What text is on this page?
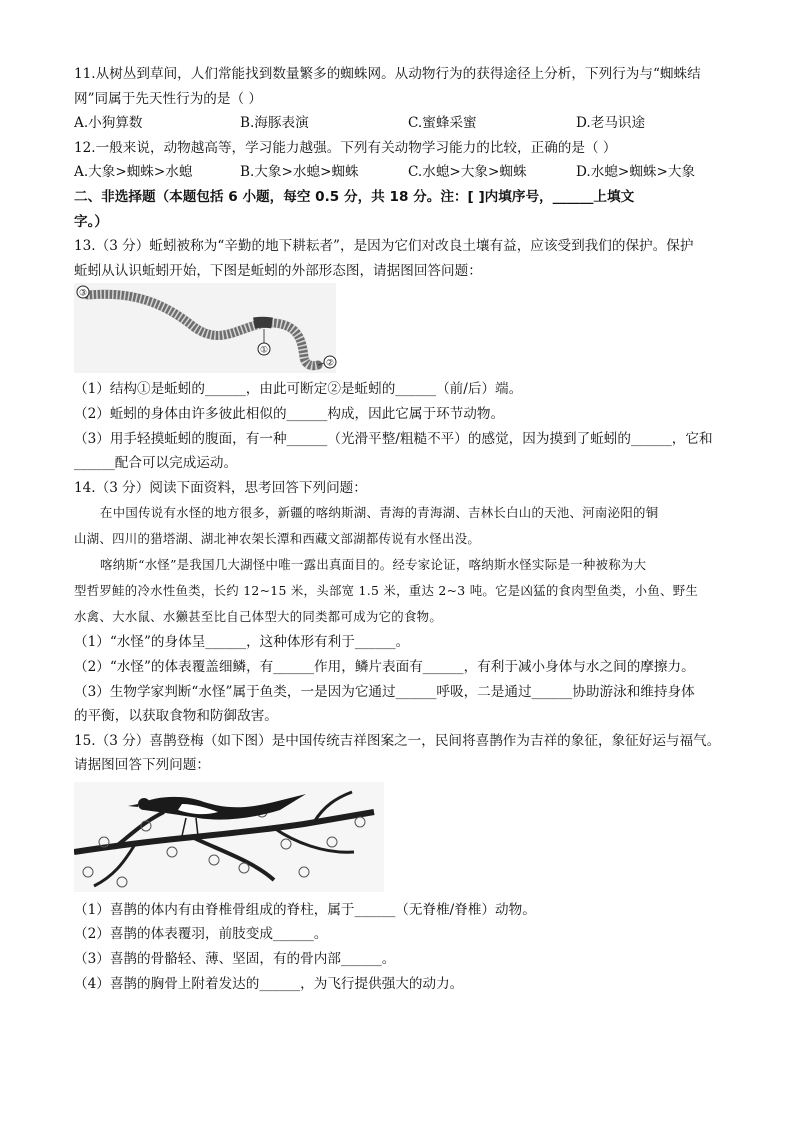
11.从树丛到草间，人们常能找到数量繁多的蜘蛛网。从动物行为的获得途径上分析，下列行为与“蜘蛛结
网”同属于先天性行为的是（ ）
A.小狗算数	B.海豚表演	C.蜜蜂采蜜	D.老马识途
12.一般来说，动物越高等，学习能力越强。下列有关动物学习能力的比较，正确的是（ ）
A.大象>蜘蛛>水螅	B.大象>水螅>蜘蛛	C.水螅>大象>蜘蛛	D.水螅>蜘蛛>大象
二、非选择题（本题包括 6 小题，每空 0.5 分，共 18 分。注：[ ]内填序号，______上填文
字。）
13.（3 分）蚯蚓被称为“辛勤的地下耕耘者”，是因为它们对改良土壤有益，应该受到我们的保护。保护
蚯蚓从认识蚯蚓开始，下图是蚯蚓的外部形态图，请据图回答问题：
③
①
②
（1）结构①是蚯蚓的______，由此可断定②是蚯蚓的______（前/后）端。
（2）蚯蚓的身体由许多彼此相似的______构成，因此它属于环节动物。
（3）用手轻摸蚯蚓的腹面，有一种______（光滑平整/粗糙不平）的感觉，因为摸到了蚯蚓的______，它和
______配合可以完成运动。
14.（3 分）阅读下面资料，思考回答下列问题：
在中国传说有水怪的地方很多，新疆的喀纳斯湖、青海的青海湖、吉林长白山的天池、河南泌阳的铜
山湖、四川的猎塔湖、湖北神农架长潭和西藏文部湖都传说有水怪出没。
喀纳斯“水怪”是我国几大湖怪中唯一露出真面目的。经专家论证，喀纳斯水怪实际是一种被称为大
型哲罗鲑的冷水性鱼类，长约 12~15 米，头部宽 1.5 米，重达 2~3 吨。它是凶猛的食肉型鱼类，小鱼、野生
水禽、大水鼠、水獭甚至比自己体型大的同类都可成为它的食物。
（1）“水怪”的身体呈______，这种体形有利于______。
（2）“水怪”的体表覆盖细鳞，有______作用，鳞片表面有______，有利于减小身体与水之间的摩擦力。
（3）生物学家判断“水怪”属于鱼类，一是因为它通过______呼吸，二是通过______协助游泳和维持身体
的平衡，以获取食物和防御敌害。
15.（3 分）喜鹊登梅（如下图）是中国传统吉祥图案之一，民间将喜鹊作为吉祥的象征，象征好运与福气。
请据图回答下列问题：
（1）喜鹊的体内有由脊椎骨组成的脊柱，属于______（无脊椎/脊椎）动物。
（2）喜鹊的体表覆羽，前肢变成______。
（3）喜鹊的骨骼轻、薄、坚固，有的骨内部______。
（4）喜鹊的胸骨上附着发达的______，为飞行提供强大的动力。
